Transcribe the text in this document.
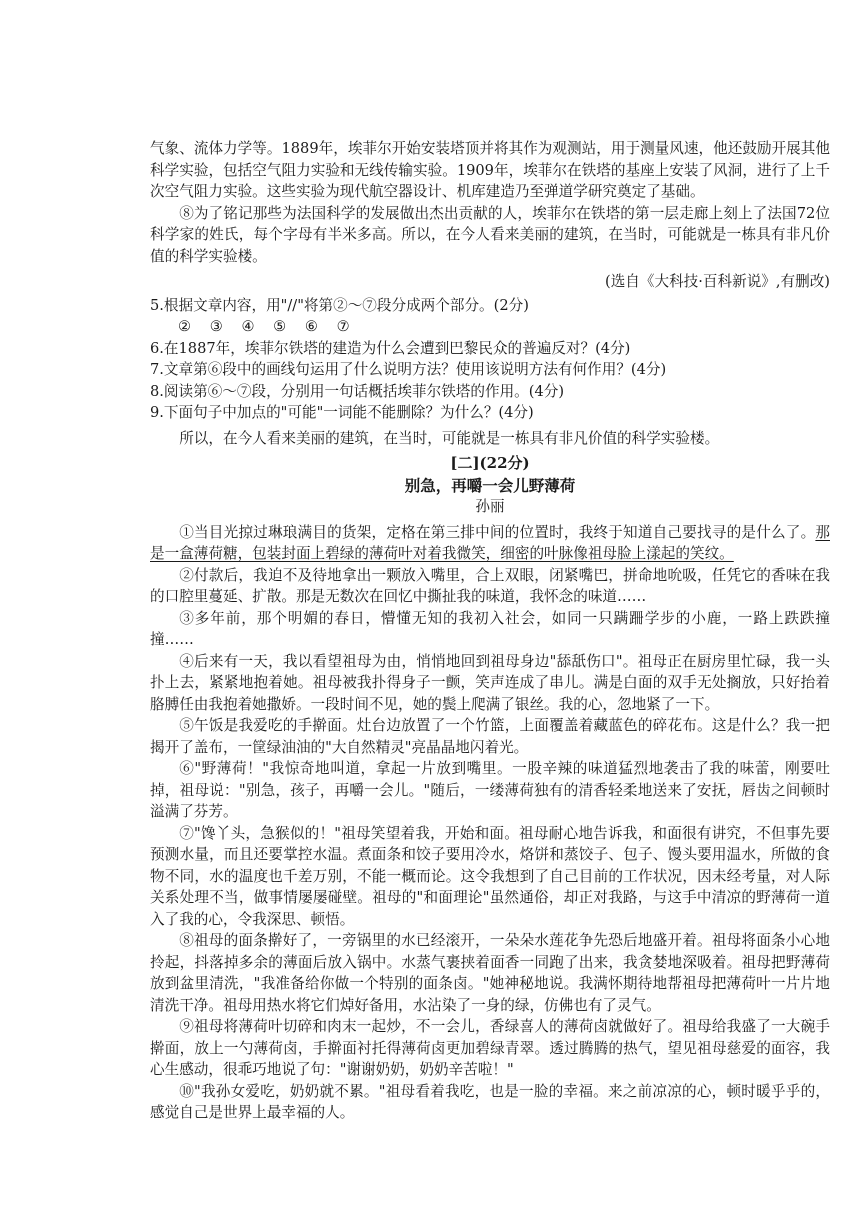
气象、流体力学等。1889年，埃菲尔开始安装塔顶并将其作为观测站，用于测量风速，他还鼓励开展其他科学实验，包括空气阻力实验和无线传输实验。1909年，埃菲尔在铁塔的基座上安装了风洞，进行了上千次空气阻力实验。这些实验为现代航空器设计、机库建造乃至弹道学研究奠定了基础。

⑧为了铭记那些为法国科学的发展做出杰出贡献的人，埃菲尔在铁塔的第一层走廊上刻上了法国72位科学家的姓氏，每个字母有半米多高。所以，在今人看来美丽的建筑，在当时，可能就是一栋具有非凡价值的科学实验楼。

(选自《大科技·百科新说》,有删改)

5.根据文章内容，用"//"将第②～⑦段分成两个部分。(2分)

② ③ ④ ⑤ ⑥ ⑦

6.在1887年，埃菲尔铁塔的建造为什么会遭到巴黎民众的普遍反对？(4分)

7.文章第⑥段中的画线句运用了什么说明方法？使用该说明方法有何作用？(4分)

8.阅读第⑥～⑦段，分别用一句话概括埃菲尔铁塔的作用。(4分)

9.下面句子中加点的"可能"一词能不能删除？为什么？(4分)

所以，在今人看来美丽的建筑，在当时，可能就是一栋具有非凡价值的科学实验楼。

[二](22分)

别急，再嚼一会儿野薄荷

孙丽

①当目光掠过琳琅满目的货架，定格在第三排中间的位置时，我终于知道自己要找寻的是什么了。那是一盒薄荷糖，包装封面上碧绿的薄荷叶对着我微笑，细密的叶脉像祖母脸上漾起的笑纹。

②付款后，我迫不及待地拿出一颗放入嘴里，合上双眼，闭紧嘴巴，拼命地吮吸，任凭它的香味在我的口腔里蔓延、扩散。那是无数次在回忆中撕扯我的味道，我怀念的味道……

③多年前，那个明媚的春日，懵懂无知的我初入社会，如同一只蹒跚学步的小鹿，一路上跌跌撞撞……

④后来有一天，我以看望祖母为由，悄悄地回到祖母身边"舔舐伤口"。祖母正在厨房里忙碌，我一头扑上去，紧紧地抱着她。祖母被我扑得身子一颤，笑声连成了串儿。满是白面的双手无处搁放，只好抬着胳膊任由我抱着她撒娇。一段时间不见，她的鬓上爬满了银丝。我的心，忽地紧了一下。

⑤午饭是我爱吃的手擀面。灶台边放置了一个竹篮，上面覆盖着藏蓝色的碎花布。这是什么？我一把揭开了盖布，一筐绿油油的"大自然精灵"亮晶晶地闪着光。

⑥"野薄荷！"我惊奇地叫道，拿起一片放到嘴里。一股辛辣的味道猛烈地袭击了我的味蕾，刚要吐掉，祖母说："别急，孩子，再嚼一会儿。"随后，一缕薄荷独有的清香轻柔地送来了安抚，唇齿之间顿时溢满了芬芳。

⑦"馋丫头，急猴似的！"祖母笑望着我，开始和面。祖母耐心地告诉我，和面很有讲究，不但事先要预测水量，而且还要掌控水温。煮面条和饺子要用冷水，烙饼和蒸饺子、包子、馒头要用温水，所做的食物不同，水的温度也千差万别，不能一概而论。这令我想到了自己目前的工作状况，因未经考量，对人际关系处理不当，做事情屡屡碰壁。祖母的"和面理论"虽然通俗，却正对我路，与这手中清凉的野薄荷一道入了我的心，令我深思、顿悟。

⑧祖母的面条擀好了，一旁锅里的水已经滚开，一朵朵水莲花争先恐后地盛开着。祖母将面条小心地拎起，抖落掉多余的薄面后放入锅中。水蒸气裹挟着面香一同跑了出来，我贪婪地深吸着。祖母把野薄荷放到盆里清洗，"我准备给你做一个特别的面条卤。"她神秘地说。我满怀期待地帮祖母把薄荷叶一片片地清洗干净。祖母用热水将它们焯好备用，水沾染了一身的绿，仿佛也有了灵气。

⑨祖母将薄荷叶切碎和肉末一起炒，不一会儿，香绿喜人的薄荷卤就做好了。祖母给我盛了一大碗手擀面，放上一勺薄荷卤，手擀面衬托得薄荷卤更加碧绿青翠。透过腾腾的热气，望见祖母慈爱的面容，我心生感动，很乖巧地说了句："谢谢奶奶，奶奶辛苦啦！"

⑩"我孙女爱吃，奶奶就不累。"祖母看着我吃，也是一脸的幸福。来之前凉凉的心，顿时暖乎乎的，感觉自己是世界上最幸福的人。
